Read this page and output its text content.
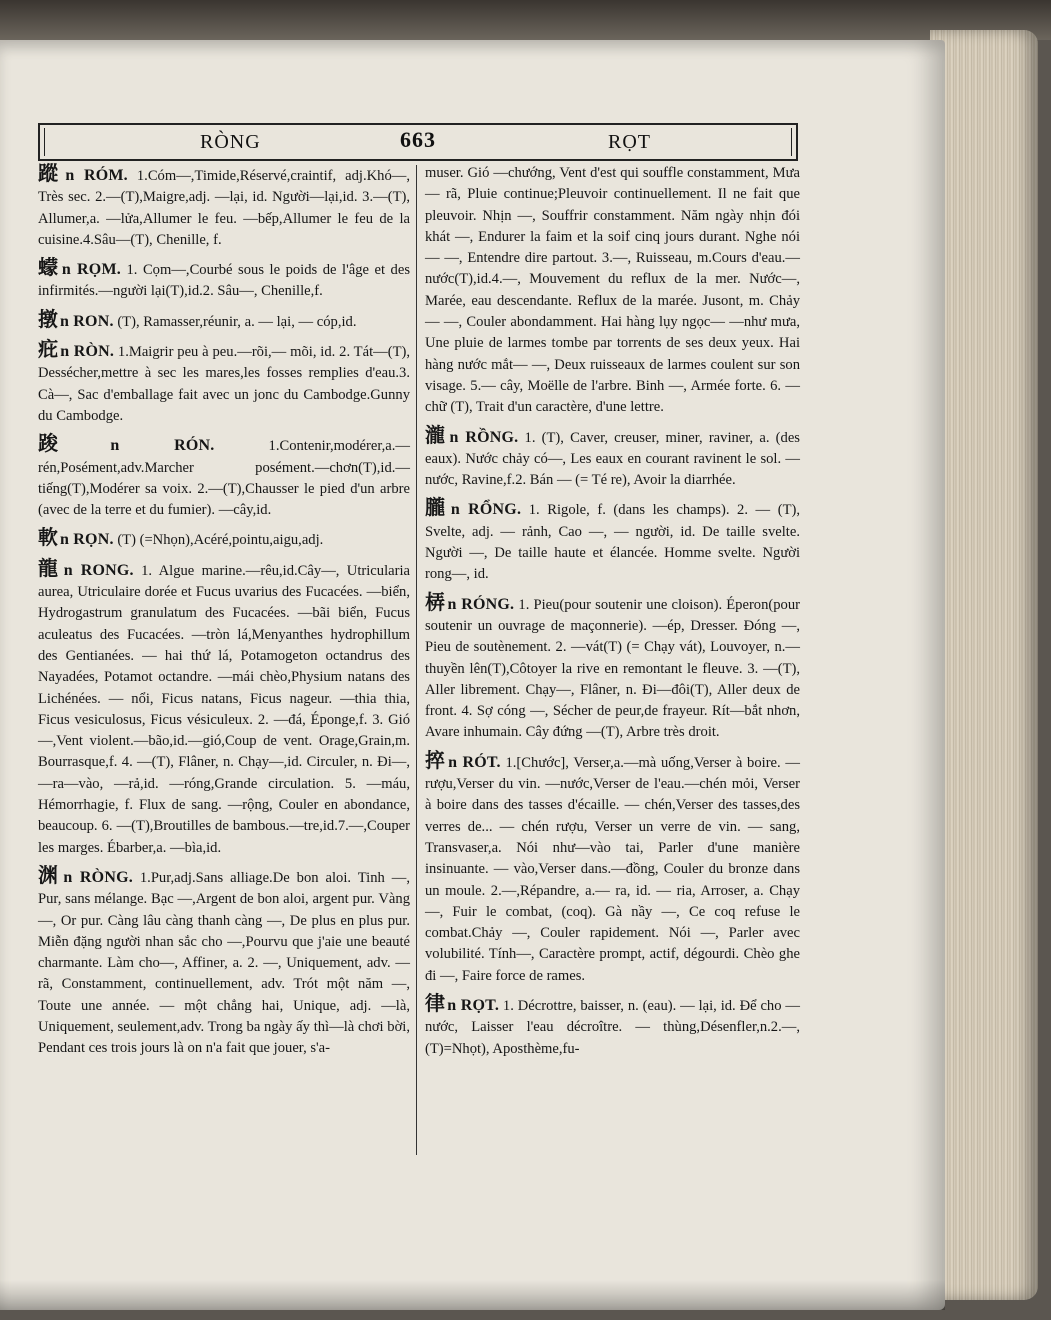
RÒNG	663	RỌT

蹤 n RÓM. 1.Cóm—,Timide,Réservé,craintif, adj.Khó—, Très sec. 2.—(T),Maigre,adj. —lại, id. Người—lại,id. 3.—(T), Allumer,a. —lửa,Allumer le feu. —bếp,Allumer le feu de la cuisine.4.Sâu—(T), Chenille, f.

蠓 n RỌM. 1. Cọm—,Courbé sous le poids de l'âge et des infirmités.—người lại(T),id.2. Sâu—, Chenille,f.

撴 n RON. (T), Ramasser,réunir, a. — lại, — cóp,id.

疪 n RÒN. 1.Maigrir peu à peu.—rõi,— mõi, id. 2. Tát—(T), Dessécher,mettre à sec les mares,les fosses remplies d'eau.3. Cà—, Sac d'emballage fait avec un jonc du Cambodge.Gunny du Cambodge.

踆 n RÓN.	1.Contenir,modérer,a.—rén,Posément,adv.Marcher posément.—chơn(T),id.—tiếng(T),Modérer sa voix. 2.—(T),Chausser le pied d'un arbre (avec de la terre et du fumier). —cây,id.

軟 n RỌN. (T) (=Nhọn),Acéré,pointu,aigu,adj.

龍 n RONG. 1. Algue marine.—rêu,id.Cây—, Utricularia aurea, Utriculaire dorée et Fucus uvarius des Fucacées. —biển, Hydrogastrum granulatum des Fucacées. —bãi biển, Fucus aculeatus des Fucacées. —tròn lá,Menyanthes hydrophillum des Gentianées. — hai thứ lá, Potamogeton octandrus des Nayadées, Potamot octandre. —mái chèo,Physium natans des Lichénées. — nổi, Ficus natans, Ficus nageur. —thia thia, Ficus vesiculosus, Ficus vésiculeux. 2. —đá, Éponge,f. 3. Gió—,Vent violent.—bão,id.—gió,Coup de vent. Orage,Grain,m. Bourrasque,f. 4. —(T), Flâner, n. Chạy—,id. Circuler, n. Đi—, —ra—vào, —rả,id. —róng,Grande circulation. 5. —máu, Hémorrhagie, f. Flux de sang. —rộng, Couler en abondance, beaucoup. 6. —(T),Broutilles de bambous.—tre,id.7.—,Couper les marges. Ébarber,a. —bìa,id.

渊 n RÒNG. 1.Pur,adj.Sans alliage.De bon aloi. Tinh —, Pur, sans mélange. Bạc —,Argent de bon aloi, argent pur. Vàng —, Or pur. Càng lâu càng thanh càng —, De plus en plus pur. Miễn đặng người nhan sắc cho —,Pourvu que j'aie une beauté charmante. Làm cho—, Affiner, a. 2. —, Uniquement, adv. — rã, Constamment, continuellement, adv. Trót một năm —, Toute une année. — một chẳng hai, Unique, adj. —là, Uniquement, seulement,adv. Trong ba ngày ấy thì—là chơi bời, Pendant ces trois jours là on n'a fait que jouer, s'a-

muser. Gió —chướng, Vent d'est qui souffle constamment, Mưa— rã, Pluie continue;Pleuvoir continuellement. Il ne fait que pleuvoir. Nhịn —, Souffrir constamment. Năm ngày nhịn đói khát —, Endurer la faim et la soif cinq jours durant. Nghe nói — —, Entendre dire partout. 3.—, Ruisseau, m.Cours d'eau.—nước(T),id.4.—, Mouvement du reflux de la mer. Nước—, Marée, eau descendante. Reflux de la marée. Jusont, m. Chảy — —, Couler abondamment. Hai hàng lụy ngọc— —như mưa, Une pluie de larmes tombe par torrents de ses deux yeux. Hai hàng nước mắt— —, Deux ruisseaux de larmes coulent sur son visage. 5.— cây, Moëlle de l'arbre. Binh —, Armée forte. 6. — chữ (T), Trait d'un caractère, d'une lettre.

瀧 n RỒNG. 1. (T), Caver, creuser, miner, raviner, a. (des eaux). Nước chảy có—, Les eaux en courant ravinent le sol. — nước, Ravine,f.2. Bán — (= Té re), Avoir la diarrhée.

朧 n RỔNG. 1. Rigole, f. (dans les champs). 2. — (T), Svelte, adj. — rảnh, Cao —, — người, id. De taille svelte. Người —, De taille haute et élancée. Homme svelte. Người rong—, id.

梇 n RÓNG. 1. Pieu(pour soutenir une cloison). Éperon(pour soutenir un ouvrage de maçonnerie). —ép, Dresser. Đóng —, Pieu de soutènement. 2. —vát(T) (= Chạy vát), Louvoyer, n.—thuyền lên(T),Côtoyer la rive en remontant le fleuve. 3. —(T), Aller librement. Chạy—, Flâner, n. Đi—đôi(T), Aller deux de front. 4. Sợ cóng —, Sécher de peur,de frayeur. Rít—bắt nhơn, Avare inhumain. Cây đứng —(T), Arbre très droit.

捽 n RÓT. 1.[Chước], Verser,a.—mà uống,Verser à boire. —rượu,Verser du vin. —nước,Verser de l'eau.—chén mỏi, Verser à boire dans des tasses d'écaille. — chén,Verser des tasses,des verres de... — chén rượu, Verser un verre de vin. — sang, Transvaser,a. Nói như—vào tai, Parler d'une manière insinuante. — vào,Verser dans.—đồng, Couler du bronze dans un moule. 2.—,Répandre, a.— ra, id. — ria, Arroser, a. Chạy —, Fuir le combat, (coq). Gà nầy —, Ce coq refuse le combat.Chảy —, Couler rapidement. Nói —, Parler avec volubilité. Tính—, Caractère prompt, actif, dégourdi. Chèo ghe đi —, Faire force de rames.

律 n RỌT. 1. Décrottre, baisser, n. (eau). — lại, id. Để cho — nước, Laisser l'eau décroître. — thùng,Désenfler,n.2.—,(T)=Nhọt), Aposthème,fu-
